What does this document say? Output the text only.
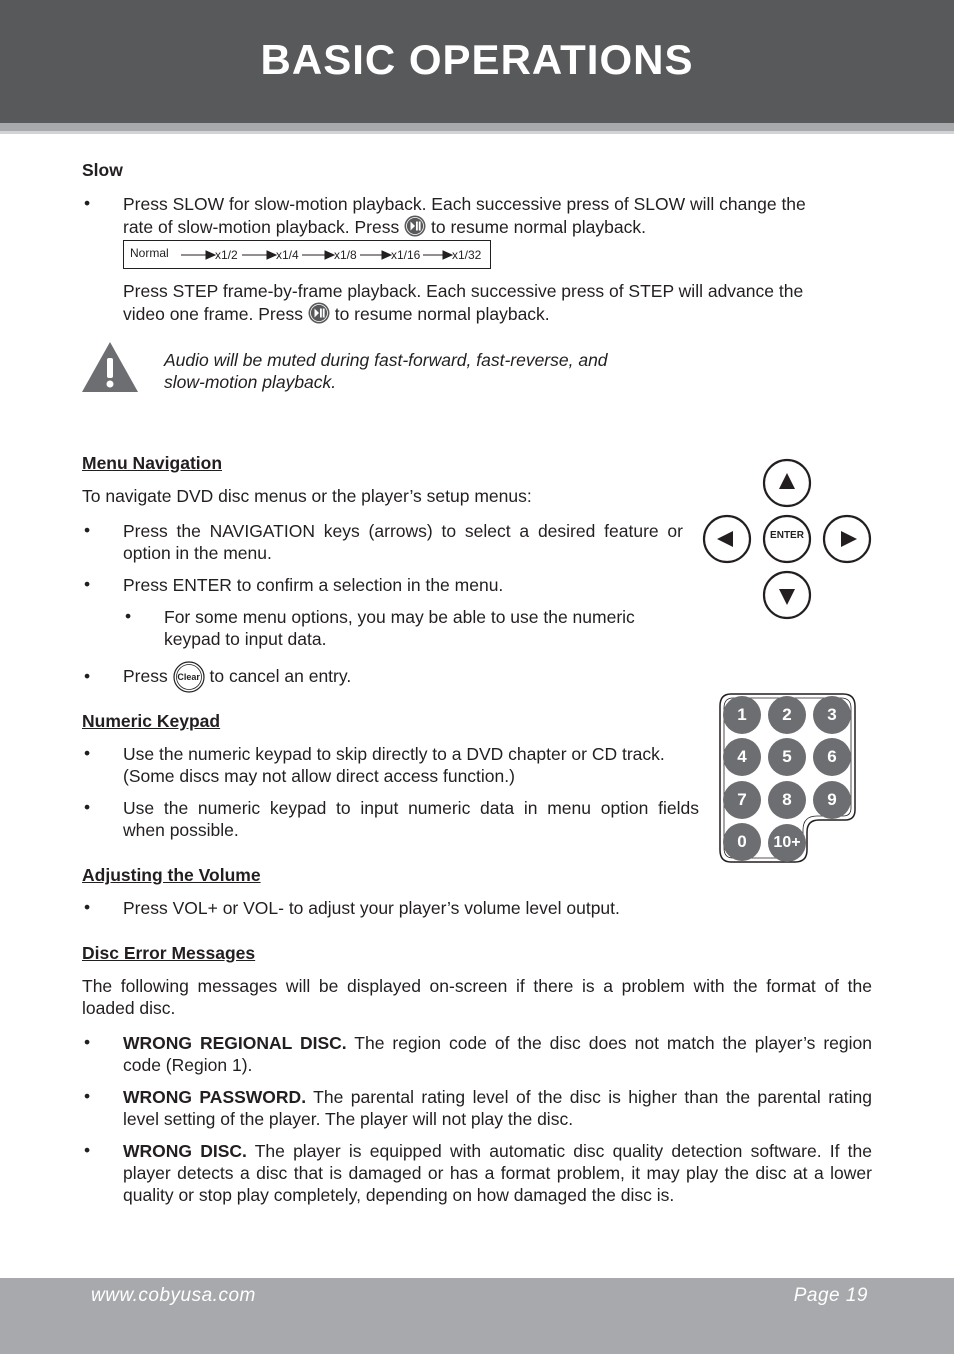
BASIC OPERATIONS
Slow
• Press SLOW for slow-motion playback. Each successive press of SLOW will change the
rate of slow-motion playback. Press to resume normal playback.
Normal	x1/2	x1/4	x1/8	x1/16	x1/32
Press STEP frame-by-frame playback. Each successive press of STEP will advance the
video one frame. Press to resume normal playback.
Audio will be muted during fast-forward, fast-reverse, and
slow-motion playback.
Menu Navigation
To navigate DVD disc menus or the player’s setup menus:
• Press the NAVIGATION keys (arrows) to select a desired feature or
option in the menu.
• Press ENTER to confirm a selection in the menu.
• For some menu options, you may be able to use the numeric
keypad to input data.
• Press	Clear to cancel an entry.
ENTER
Numeric Keypad
• Use the numeric keypad to skip directly to a DVD chapter or CD track.
(Some discs may not allow direct access function.)
• Use the numeric keypad to input numeric data in menu option fields
when possible.
1	2	3
4	5	6
7	8	9
0	10+
Adjusting the Volume
• Press VOL+ or VOL- to adjust your player’s volume level output.
Disc Error Messages
The following messages will be displayed on-screen if there is a problem with the format of the
loaded disc.
• WRONG REGIONAL DISC. The region code of the disc does not match the player’s region
code (Region 1).
• WRONG PASSWORD. The parental rating level of the disc is higher than the parental rating
level setting of the player. The player will not play the disc.
• WRONG DISC. The player is equipped with automatic disc quality detection software. If the
player detects a disc that is damaged or has a format problem, it may play the disc at a lower
quality or stop play completely, depending on how damaged the disc is.
www.cobyusa.com	Page 19
